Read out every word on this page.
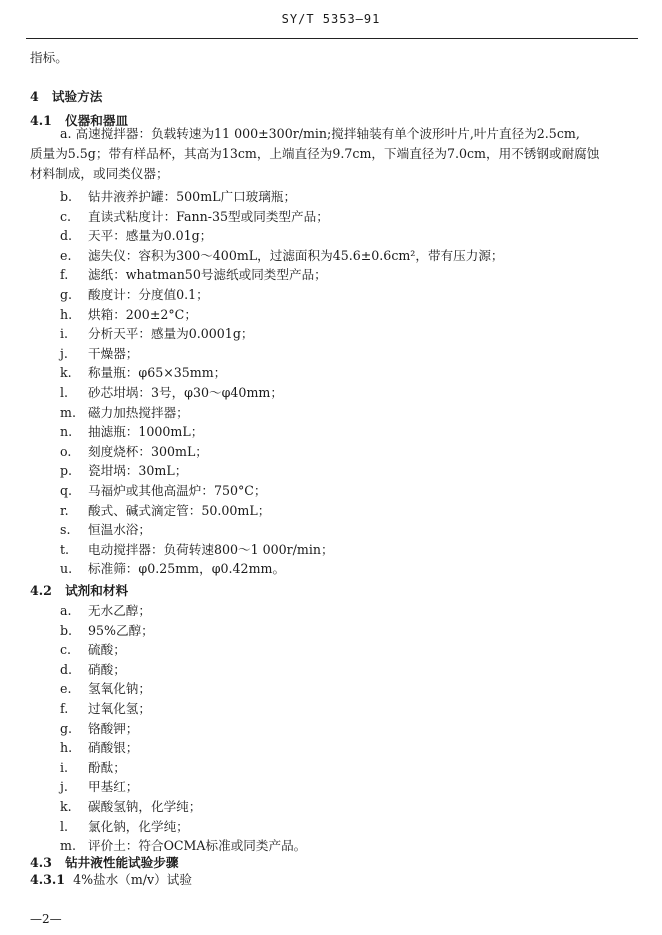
SY/T 5353—91
指标。
4 试验方法
4.1 仪器和器皿
a. 高速搅拌器：负载转速为11 000±300r/min;搅拌轴装有单个波形叶片,叶片直径为2.5cm,
质量为5.5g；带有样品杯，其高为13cm，上端直径为9.7cm，下端直径为7.0cm，用不锈钢或耐腐蚀
材料制成，或同类仪器；
b. 钻井液养护罐：500mL广口玻璃瓶；
c. 直读式粘度计：Fann-35型或同类型产品；
d. 天平：感量为0.01g；
e. 滤失仪：容积为300～400mL，过滤面积为45.6±0.6cm²，带有压力源；
f. 滤纸：whatman50号滤纸或同类型产品；
g. 酸度计：分度值0.1；
h. 烘箱：200±2°C；
i. 分析天平：感量为0.0001g；
j. 干燥器；
k. 称量瓶：φ65×35mm；
l. 砂芯坩埚：3号，φ30～φ40mm；
m. 磁力加热搅拌器；
n. 抽滤瓶：1000mL；
o. 刻度烧杯：300mL；
p. 瓷坩埚：30mL；
q. 马福炉或其他高温炉：750°C；
r. 酸式、碱式滴定管：50.00mL；
s. 恒温水浴；
t. 电动搅拌器：负荷转速800～1 000r/min；
u. 标准筛：φ0.25mm，φ0.42mm。
4.2 试剂和材料
a. 无水乙醇；
b. 95%乙醇；
c. 硫酸；
d. 硝酸；
e. 氢氧化钠；
f. 过氧化氢；
g. 铬酸钾；
h. 硝酸银；
i. 酚酞；
j. 甲基红；
k. 碳酸氢钠，化学纯；
l. 氯化钠，化学纯；
m. 评价土：符合OCMA标准或同类产品。
4.3 钻井液性能试验步骤
4.3.1 4%盐水（m/v）试验
—2—
